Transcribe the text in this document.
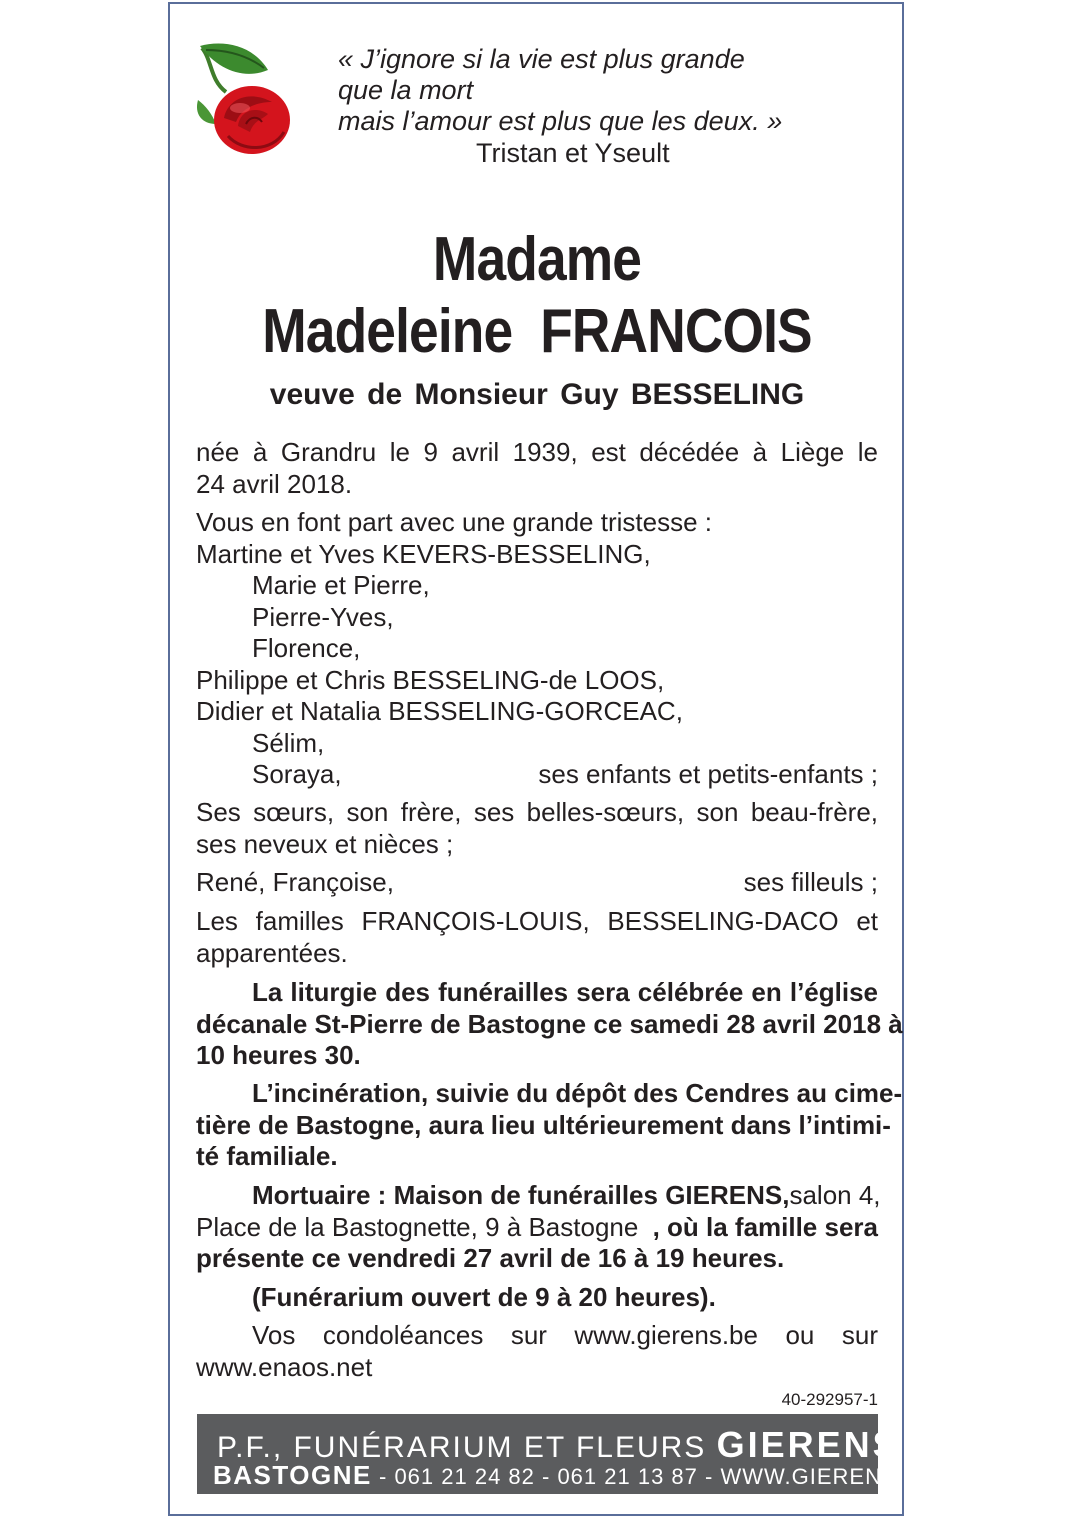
« J’ignore si la vie est plus grande
que la mort
mais l’amour est plus que les deux. »
Tristan et Yseult
Madame
Madeleine  FRANCOIS
veuve de Monsieur Guy BESSELING
née à Grandru le 9 avril 1939, est décédée à Liège le
24 avril 2018.
Vous en font part avec une grande tristesse :
Martine et Yves KEVERS-BESSELING,
Marie et Pierre,
Pierre-Yves,
Florence,
Philippe et Chris BESSELING-de LOOS,
Didier et Natalia BESSELING-GORCEAC,
Sélim,
Soraya,	ses enfants et petits-enfants ;
Ses sœurs, son frère, ses belles-sœurs, son beau-frère,
ses neveux et nièces ;
René, Françoise,	ses filleuls ;
Les familles FRANÇOIS-LOUIS, BESSELING-DACO et
apparentées.
La liturgie des funérailles sera célébrée en l’église
décanale St-Pierre de Bastogne ce samedi 28 avril 2018 à
10 heures 30.
L’incinération, suivie du dépôt des Cendres au cime-
tière de Bastogne, aura lieu ultérieurement dans l’intimi-
té familiale.
Mortuaire : Maison de funérailles GIERENS, salon 4,
Place de la Bastognette, 9 à Bastogne , où la famille sera
présente ce vendredi 27 avril de 16 à 19 heures.
(Funérarium ouvert de 9 à 20 heures).
Vos condoléances sur www.gierens.be ou sur
www.enaos.net
40-292957-1
P.F., FUNÉRARIUM ET FLEURS GIERENS
BASTOGNE - 061 21 24 82 - 061 21 13 87 - WWW.GIERENS.BE
